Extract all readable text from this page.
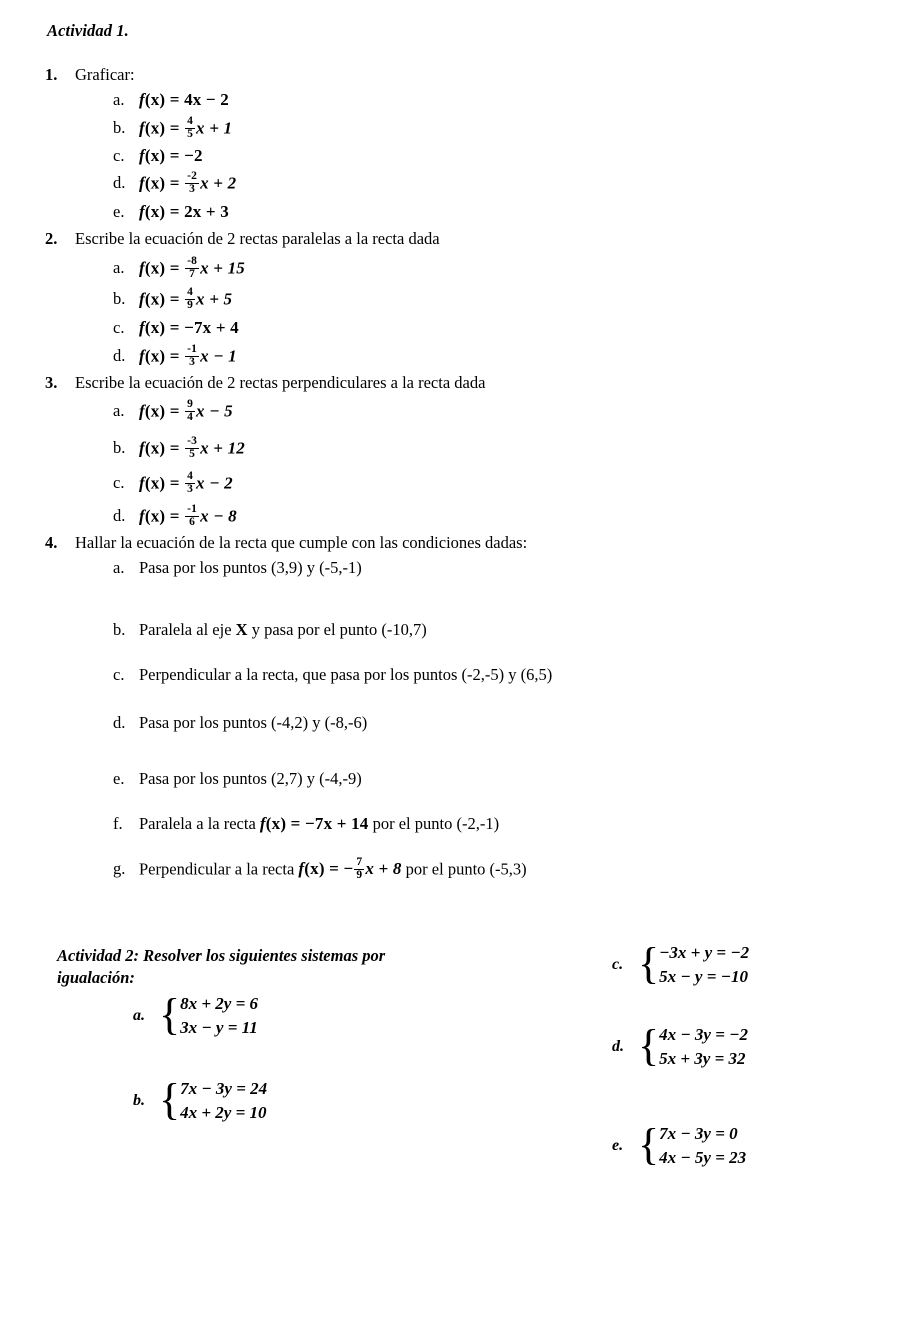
Actividad 1.
1. Graficar:
a. f(x) = 4x − 2
b. $f(x) = \frac{4}{5}$ x + 1
c. f(x) = −2
d. $f(x) = \frac{-2}{3}$ x + 2
e. f(x) = 2x + 3
2. Escribe la ecuación de 2 rectas paralelas a la recta dada
a. $f(x) = \frac{-8}{7}$ x + 15
b. $f(x) = \frac{4}{9}$ x + 5
c. f(x) = −7x + 4
d. $f(x) = \frac{-1}{3}$ x − 1
3. Escribe la ecuación de 2 rectas perpendiculares a la recta dada
a. $f(x) = \frac{9}{4}$ x − 5
b. $f(x) = \frac{-3}{5}$ x + 12
c. $f(x) = \frac{4}{3}$ x − 2
d. $f(x) = \frac{-1}{6}$ x − 8
4. Hallar la ecuación de la recta que cumple con las condiciones dadas:
a. Pasa por los puntos (3,9) y (-5,-1)
b. Paralela al eje X y pasa por el punto (-10,7)
c. Perpendicular a la recta, que pasa por los puntos (-2,-5) y (6,5)
d. Pasa por los puntos (-4,2) y (-8,-6)
e. Pasa por los puntos (2,7) y (-4,-9)
f. Paralela a la recta f(x) = −7x + 14 por el punto (-2,-1)
g. Perpendicular a la recta f(x) = − $\frac{7}{9}$ x + 8 por el punto (-5,3)
Actividad 2: Resolver los siguientes sistemas por igualación:
a. { 8x + 2y = 6
3x − y = 11
b. { 7x − 3y = 24
4x + 2y = 10
c. { −3x + y = −2
5x − y = −10
d. { 4x − 3y = −2
5x + 3y = 32
e. { 7x − 3y = 0
4x − 5y = 23
